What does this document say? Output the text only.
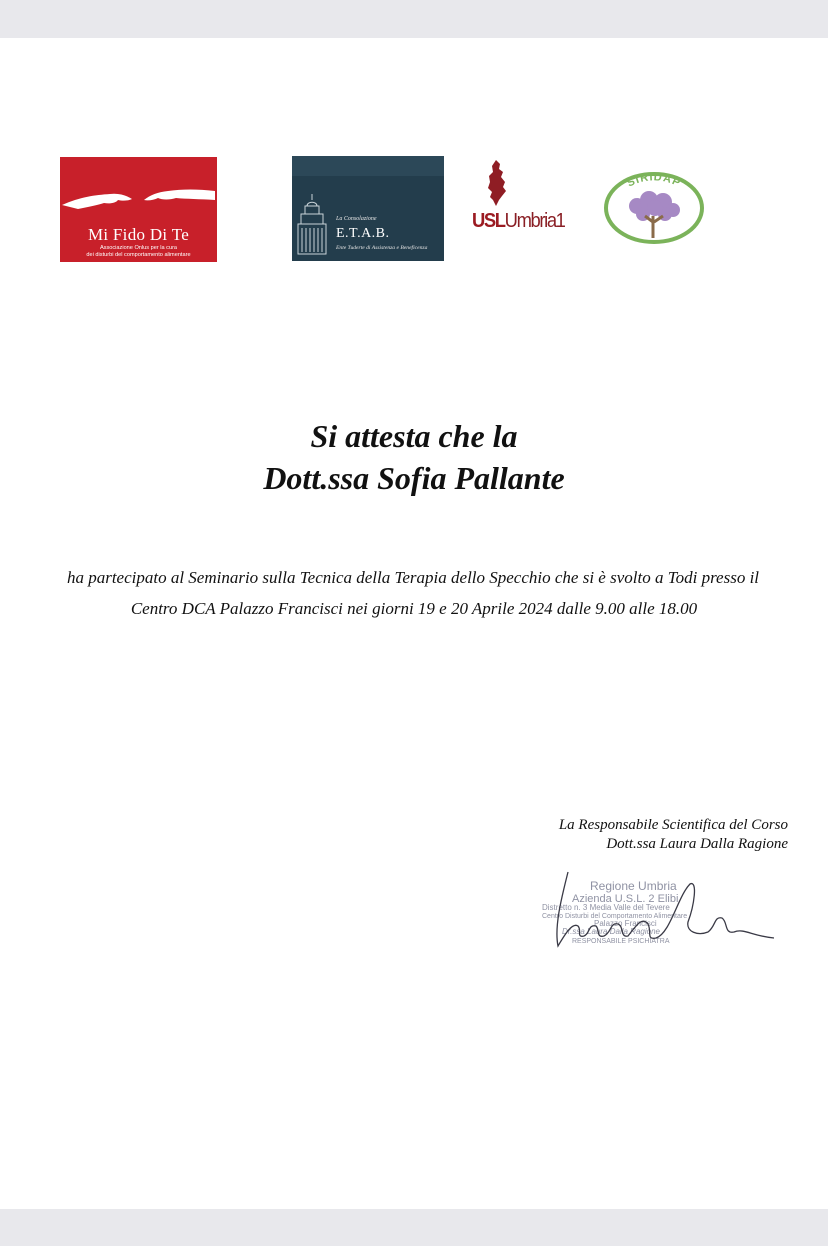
Mi Fido Di Te
Associazione Onlus per la cura
dei disturbi del comportamento alimentare
La Consolazione
E.T.A.B.
Ente Tuderte di Assistenza e Beneficenza
USLUmbria1
SIRIDAP
Si attesta che la
Dott.ssa Sofia Pallante
ha partecipato al Seminario sulla Tecnica della Terapia dello Specchio che si è svolto a Todi presso il
Centro DCA Palazzo Francisci nei giorni 19 e 20 Aprile 2024 dalle 9.00 alle 18.00
La Responsabile Scientifica del Corso
Dott.ssa Laura Dalla Ragione
Regione Umbria
Azienda U.S.L. 2 Elibi
Distretto n. 3 Media Valle del Tevere
Centro Disturbi del Comportamento Alimentare
Palazzo Francisci
Dr.ssa Laura Dalla Ragione
RESPONSABILE PSICHIATRA
